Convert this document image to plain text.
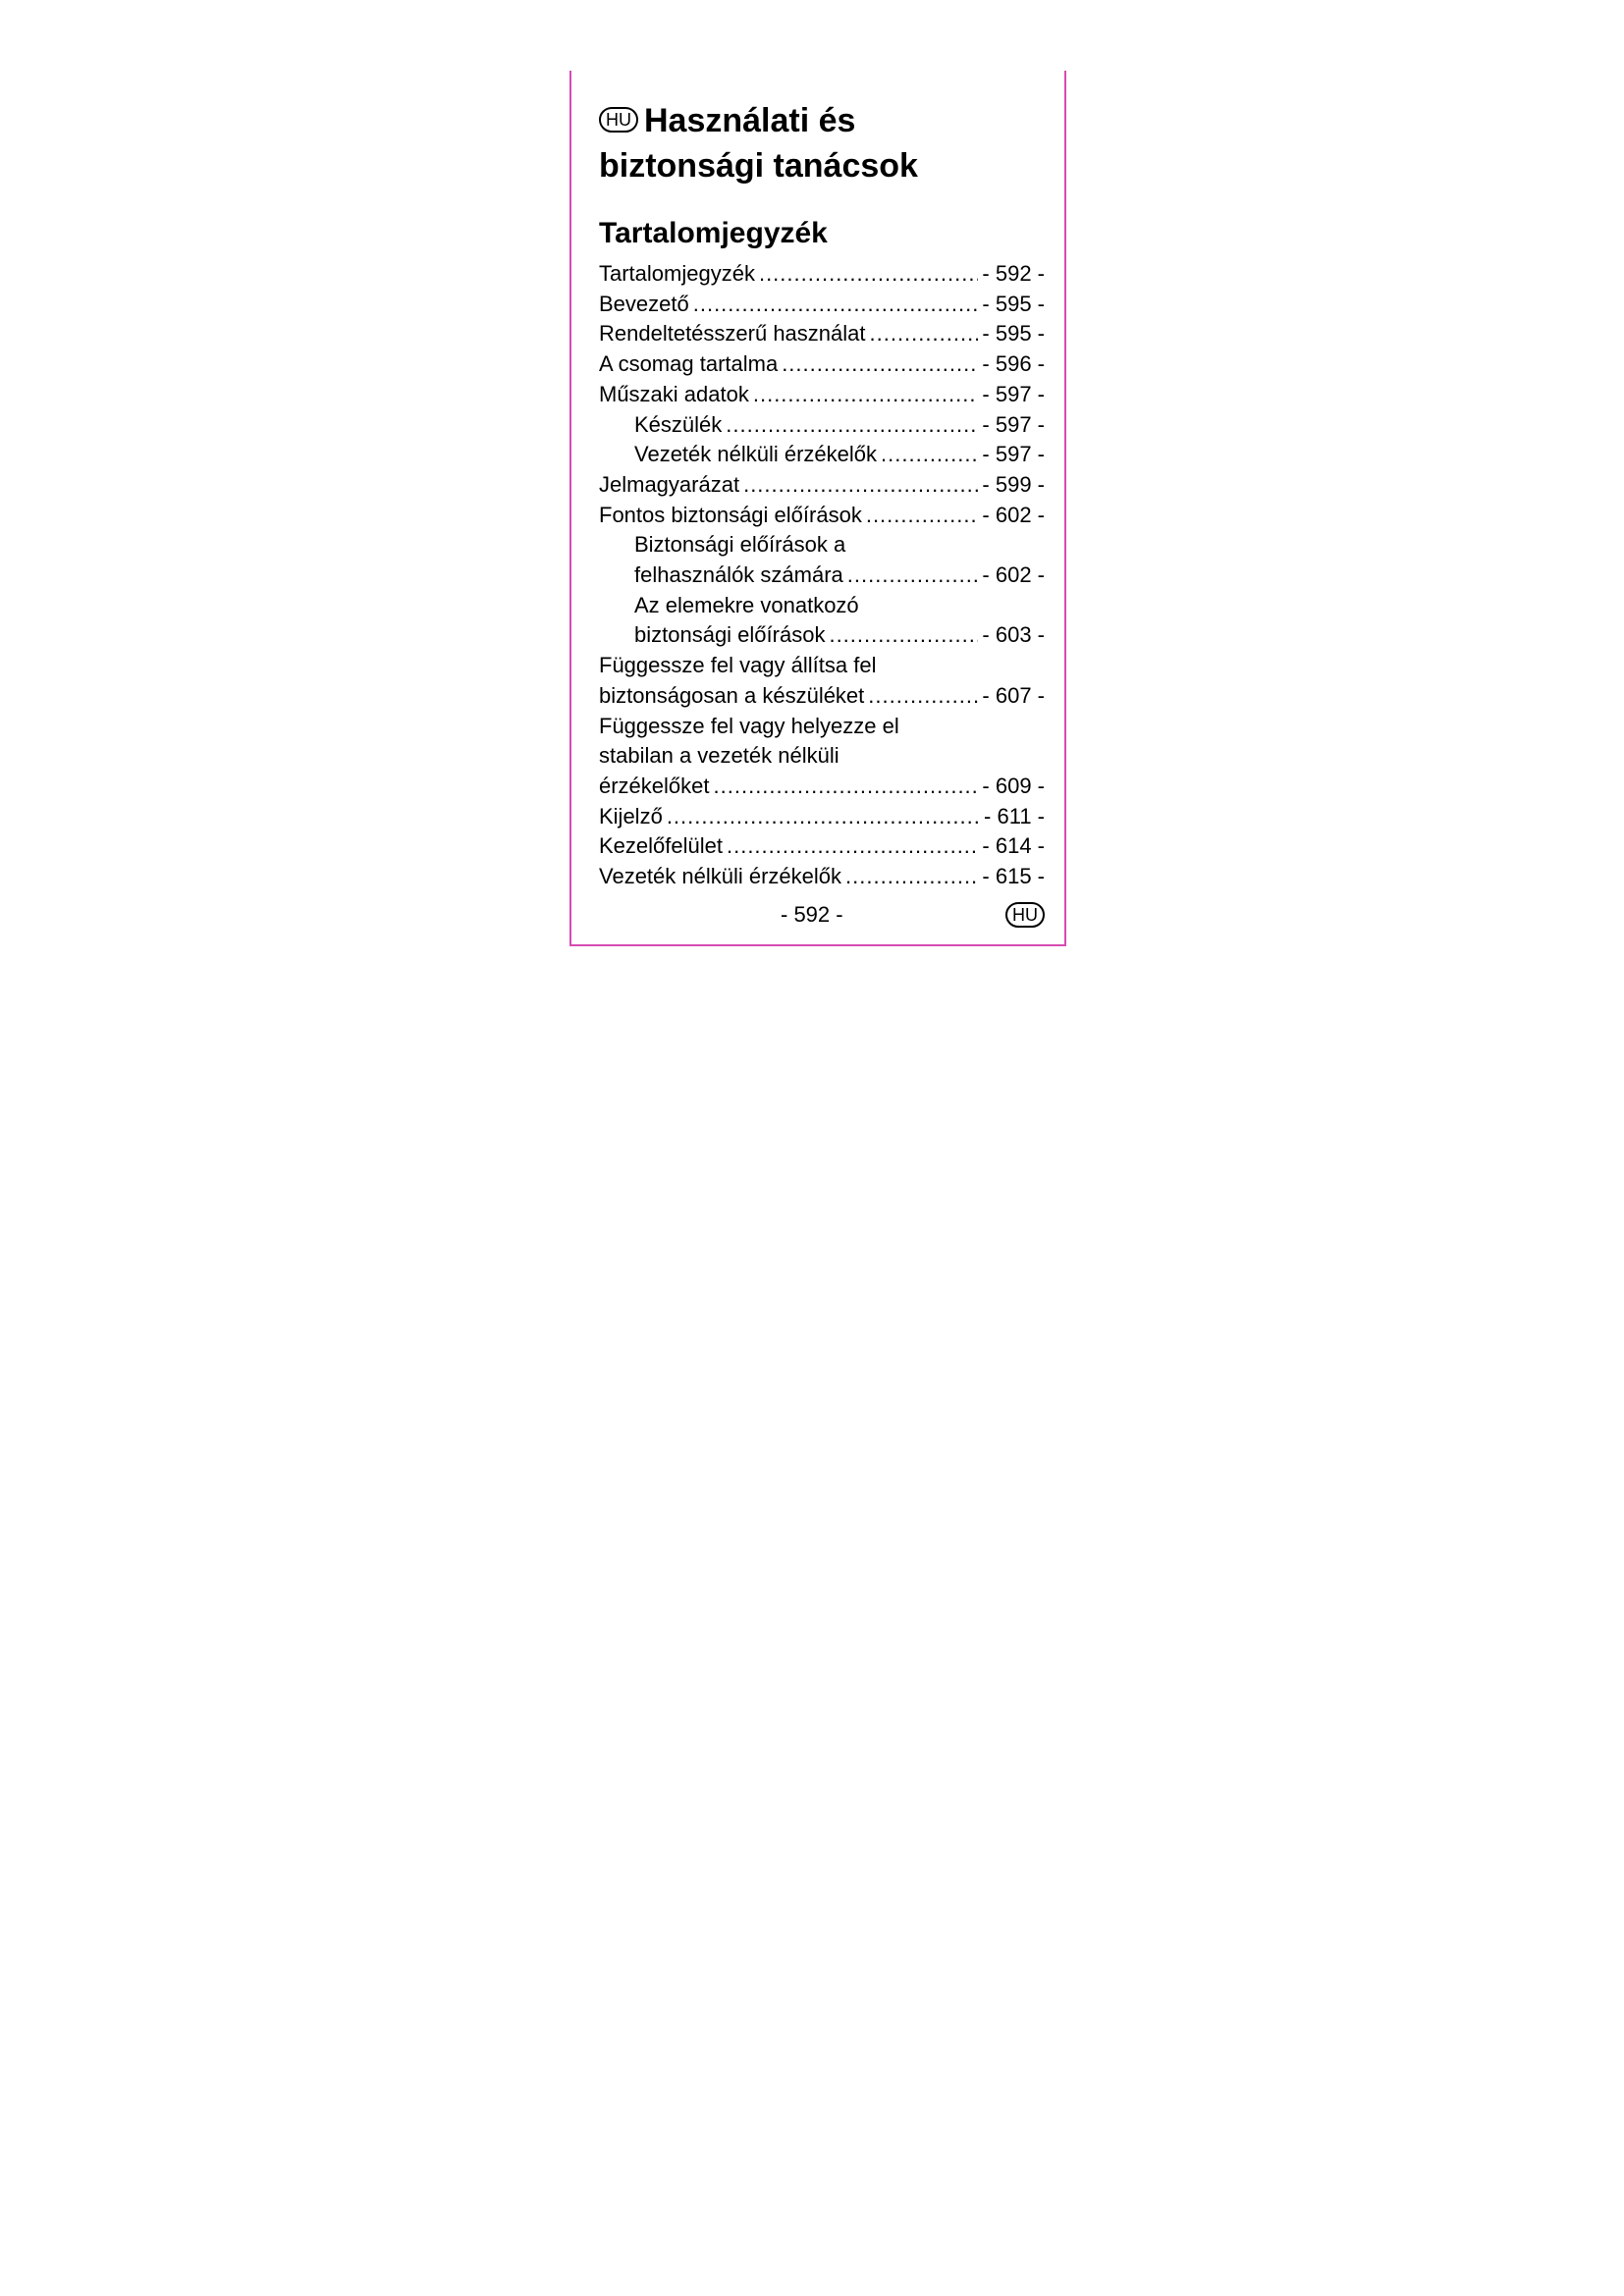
HU Használati és
biztonsági tanácsok
Tartalomjegyzék
Tartalomjegyzék .....	- 592 -
Bevezető .....	- 595 -
Rendeltetésszerű használat .....	- 595 -
A csomag tartalma .....	- 596 -
Műszaki adatok .....	- 597 -
Készülék .....	- 597 -
Vezeték nélküli érzékelők .....	- 597 -
Jelmagyarázat .....	- 599 -
Fontos biztonsági előírások .....	- 602 -
Biztonsági előírások a
felhasználók számára .....	- 602 -
Az elemekre vonatkozó
biztonsági előírások .....	- 603 -
Függessze fel vagy állítsa fel
biztonságosan a készüléket .....	- 607 -
Függessze fel vagy helyezze el
stabilan a vezeték nélküli
érzékelőket .....	- 609 -
Kijelző .....	- 611 -
Kezelőfelület .....	- 614 -
Vezeték nélküli érzékelők .....	- 615 -
- 592 -	HU
